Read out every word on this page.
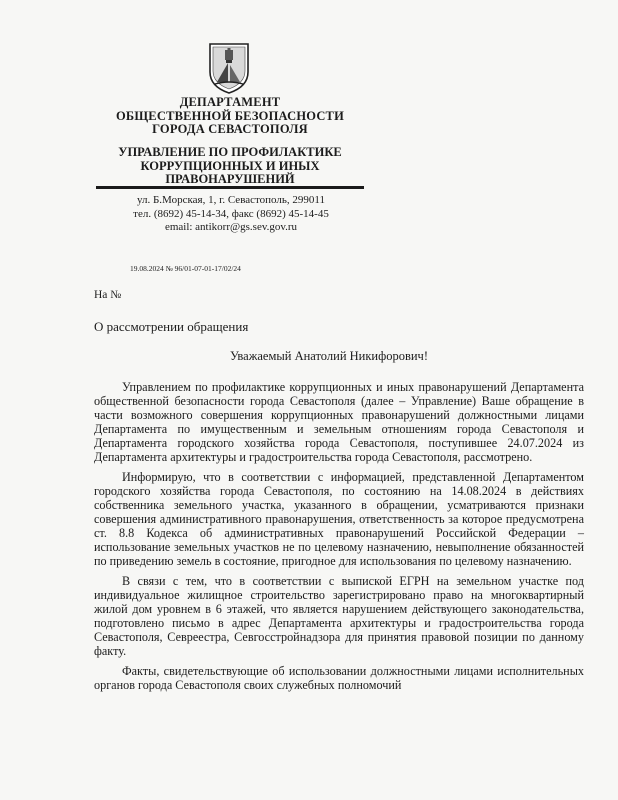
ДЕПАРТАМЕНТ
ОБЩЕСТВЕННОЙ БЕЗОПАСНОСТИ
ГОРОДА СЕВАСТОПОЛЯ
УПРАВЛЕНИЕ ПО ПРОФИЛАКТИКЕ
КОРРУПЦИОННЫХ И ИНЫХ
ПРАВОНАРУШЕНИЙ
ул. Б.Морская, 1, г. Севастополь, 299011
тел. (8692) 45-14-34, факс (8692) 45-14-45
email: antikorr@gs.sev.gov.ru
19.08.2024 № 96/01-07-01-17/02/24
На №
О рассмотрении обращения
Уважаемый Анатолий Никифорович!

Управлением по профилактике коррупционных и иных правонарушений Департамента общественной безопасности города Севастополя (далее – Управление) Ваше обращение в части возможного совершения коррупционных правонарушений должностными лицами Департамента по имущественным и земельным отношениям города Севастополя и Департамента городского хозяйства города Севастополя, поступившее 24.07.2024 из Департамента архитектуры и градостроительства города Севастополя, рассмотрено.

Информирую, что в соответствии с информацией, представленной Департаментом городского хозяйства города Севастополя, по состоянию на 14.08.2024 в действиях собственника земельного участка, указанного в обращении, усматриваются признаки совершения административного правонарушения, ответственность за которое предусмотрена ст. 8.8 Кодекса об административных правонарушений Российской Федерации – использование земельных участков не по целевому назначению, невыполнение обязанностей по приведению земель в состояние, пригодное для использования по целевому назначению.

В связи с тем, что в соответствии с выпиской ЕГРН на земельном участке под индивидуальное жилищное строительство зарегистрировано право на многоквартирный жилой дом уровнем в 6 этажей, что является нарушением действующего законодательства, подготовлено письмо в адрес Департамента архитектуры и градостроительства города Севастополя, Севреестра, Севгосстройнадзора для принятия правовой позиции по данному факту.

Факты, свидетельствующие об использовании должностными лицами исполнительных органов города Севастополя своих служебных полномочий
